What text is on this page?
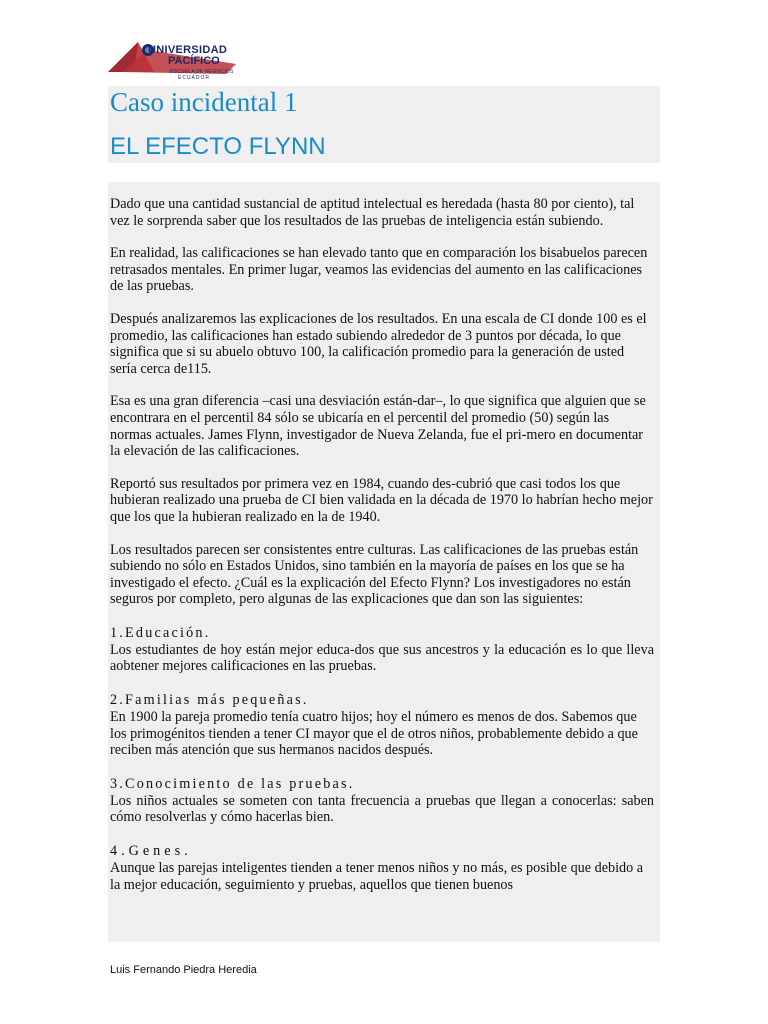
UNIVERSIDAD
PACÍFICO
ESCUELA DE NEGOCIOS
ECUADOR
Caso incidental 1
EL EFECTO FLYNN

Dado que una cantidad sustancial de aptitud intelectual es heredada (hasta 80 por ciento), tal vez le sorprenda saber que los resultados de las pruebas de inteligencia están subiendo.

En realidad, las calificaciones se han elevado tanto que en comparación los bisabuelos parecen retrasados mentales. En primer lugar, veamos las evidencias del aumento en las calificaciones de las pruebas.

Después analizaremos las explicaciones de los resultados. En una escala de CI donde 100 es el promedio, las calificaciones han estado subiendo alrededor de 3 puntos por década, lo que significa que si su abuelo obtuvo 100, la calificación promedio para la generación de usted sería cerca de115.

Esa es una gran diferencia –casi una desviación están-dar–, lo que significa que alguien que se encontrara en el percentil 84 sólo se ubicaría en el percentil del promedio (50) según las normas actuales. James Flynn, investigador de Nueva Zelanda, fue el pri-mero en documentar la elevación de las calificaciones.

Reportó sus resultados por primera vez en 1984, cuando des-cubrió que casi todos los que hubieran realizado una prueba de CI bien validada en la década de 1970 lo habrían hecho mejor que los que la hubieran realizado en la de 1940.

Los resultados parecen ser consistentes entre culturas. Las calificaciones de las pruebas están subiendo no sólo en Estados Unidos, sino también en la mayoría de países en los que se ha investigado el efecto. ¿Cuál es la explicación del Efecto Flynn? Los investigadores no están seguros por completo, pero algunas de las explicaciones que dan son las siguientes:

1.Educación.

Los estudiantes de hoy están mejor educa-dos que sus ancestros y la educación es lo que lleva aobtener mejores calificaciones en las pruebas.

2.Familias más pequeñas.

En 1900 la pareja promedio tenía cuatro hijos; hoy el número es menos de dos. Sabemos que los primogénitos tienden a tener CI mayor que el de otros niños, probablemente debido a que reciben más atención que sus hermanos nacidos después.

3.Conocimiento de las pruebas.

Los niños actuales se someten con tanta frecuencia a pruebas que llegan a conocerlas: saben cómo resolverlas y cómo hacerlas bien.

4.Genes.

Aunque las parejas inteligentes tienden a tener menos niños y no más, es posible que debido a la mejor educación, seguimiento y pruebas, aquellos que tienen buenos

Luis Fernando Piedra Heredia
